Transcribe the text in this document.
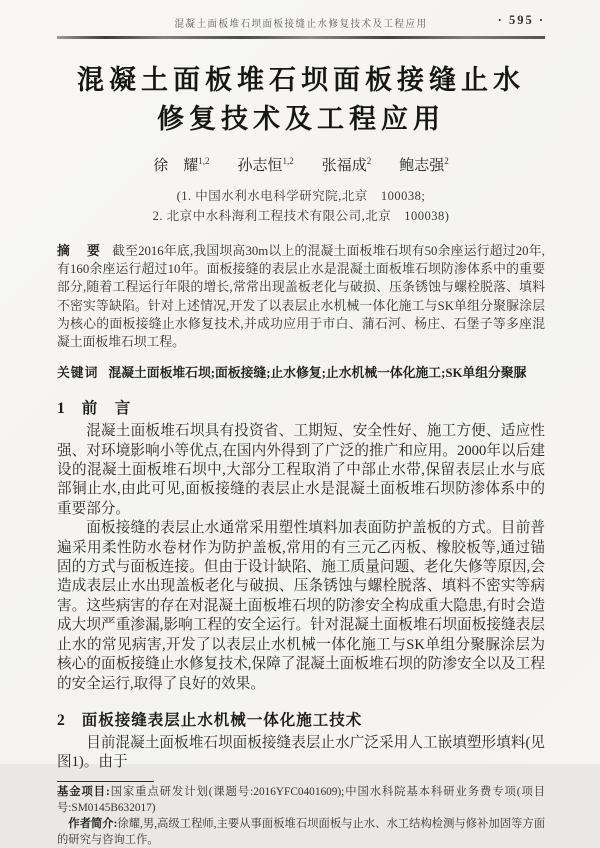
混凝土面板堆石坝面板接缝止水修复技术及工程应用	· 595 ·
混凝土面板堆石坝面板接缝止水
修复技术及工程应用
徐　耀$^{1,2}$ 孙志恒$^{1,2}$ 张福成$^2$ 鲍志强$^2$
(1. 中国水利水电科学研究院,北京　100038;
2. 北京中水科海利工程技术有限公司,北京　100038)

摘　要 截至2016年底,我国坝高30m以上的混凝土面板堆石坝有50余座运行超过20年,有160余座运行超过10年。面板接缝的表层止水是混凝土面板堆石坝防渗体系中的重要部分,随着工程运行年限的增长,常常出现盖板老化与破损、压条锈蚀与螺栓脱落、填料不密实等缺陷。针对上述情况,开发了以表层止水机械一体化施工与SK单组分聚脲涂层为核心的面板接缝止水修复技术,并成功应用于市白、蒲石河、杨庄、石堡子等多座混凝土面板堆石坝工程。

关键词 混凝土面板堆石坝;面板接缝;止水修复;止水机械一体化施工;SK单组分聚脲

1 前　言

混凝土面板堆石坝具有投资省、工期短、安全性好、施工方便、适应性强、对环境影响小等优点,在国内外得到了广泛的推广和应用。2000年以后建设的混凝土面板堆石坝中,大部分工程取消了中部止水带,保留表层止水与底部铜止水,由此可见,面板接缝的表层止水是混凝土面板堆石坝防渗体系中的重要部分。

面板接缝的表层止水通常采用塑性填料加表面防护盖板的方式。目前普遍采用柔性防水卷材作为防护盖板,常用的有三元乙丙板、橡胶板等,通过锚固的方式与面板连接。但由于设计缺陷、施工质量问题、老化失修等原因,会造成表层止水出现盖板老化与破损、压条锈蚀与螺栓脱落、填料不密实等病害。这些病害的存在对混凝土面板堆石坝的防渗安全构成重大隐患,有时会造成大坝严重渗漏,影响工程的安全运行。针对混凝土面板堆石坝面板接缝表层止水的常见病害,开发了以表层止水机械一体化施工与SK单组分聚脲涂层为核心的面板接缝止水修复技术,保障了混凝土面板堆石坝的防渗安全以及工程的安全运行,取得了良好的效果。

2 面板接缝表层止水机械一体化施工技术

目前混凝土面板堆石坝面板接缝表层止水广泛采用人工嵌填塑形填料(见图1)。由于

基金项目:国家重点研发计划(课题号:2016YFC0401609);中国水科院基本科研业务费专项(项目号:SM0145B632017)

作者简介:徐耀,男,高级工程师,主要从事面板堆石坝面板与止水、水工结构检测与修补加固等方面的研究与咨询工作。
